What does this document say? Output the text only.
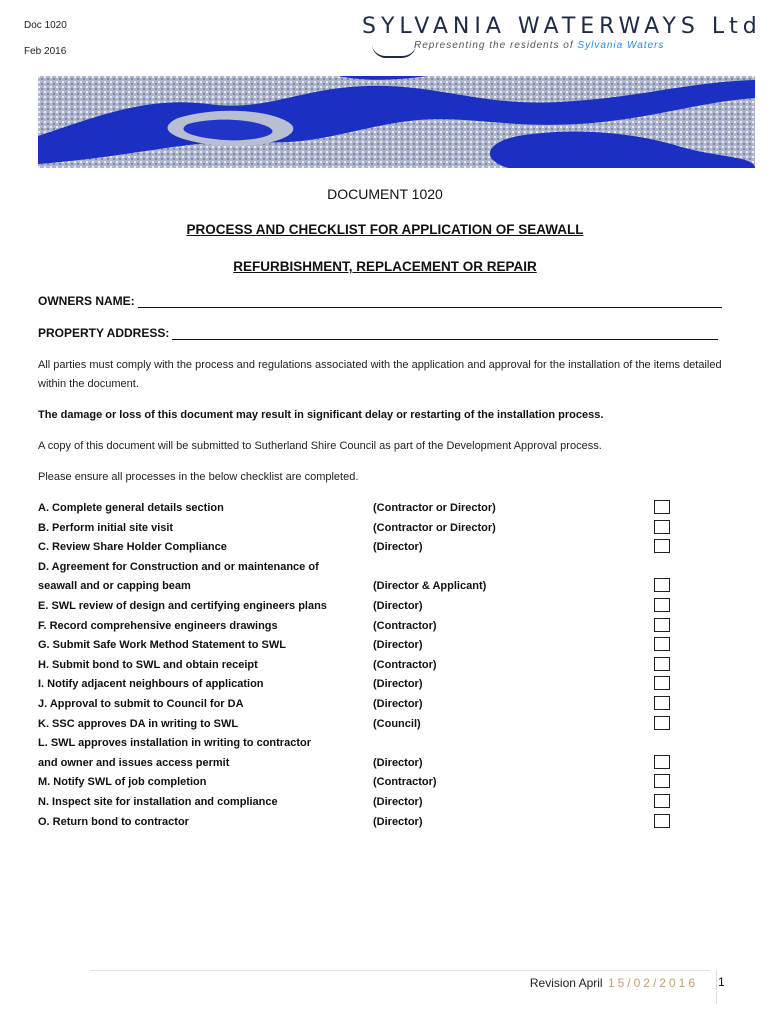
Doc 1020
Feb 2016
SYLVANIA WATERWAYS Ltd
Representing the residents of Sylvania Waters
DOCUMENT 1020
PROCESS AND CHECKLIST FOR APPLICATION OF SEAWALL
REFURBISHMENT, REPLACEMENT OR REPAIR
OWNERS NAME:
PROPERTY ADDRESS:
All parties must comply with the process and regulations associated with the application and approval for the installation of the items detailed within the document.
The damage or loss of this document may result in significant delay or restarting of the installation process.
A copy of this document will be submitted to Sutherland Shire Council as part of the Development Approval process.
Please ensure all processes in the below checklist are completed.
A. Complete general details section	(Contractor or Director)
B. Perform initial site visit	(Contractor or Director)
C. Review Share Holder Compliance	(Director)
D. Agreement for Construction and or maintenance of
seawall and or capping beam	(Director & Applicant)
E. SWL review of design and certifying engineers plans	(Director)
F. Record comprehensive engineers drawings	(Contractor)
G. Submit Safe Work Method Statement to SWL	(Director)
H. Submit bond to SWL and obtain receipt	(Contractor)
I. Notify adjacent neighbours of application	(Director)
J. Approval to submit to Council for DA	(Director)
K. SSC approves DA in writing to SWL	(Council)
L. SWL approves installation in writing to contractor
and owner and issues access permit	(Director)
M. Notify SWL of job completion	(Contractor)
N. Inspect site for installation and compliance	(Director)
O. Return bond to contractor	(Director)
Revision April 15/02/2016 1
